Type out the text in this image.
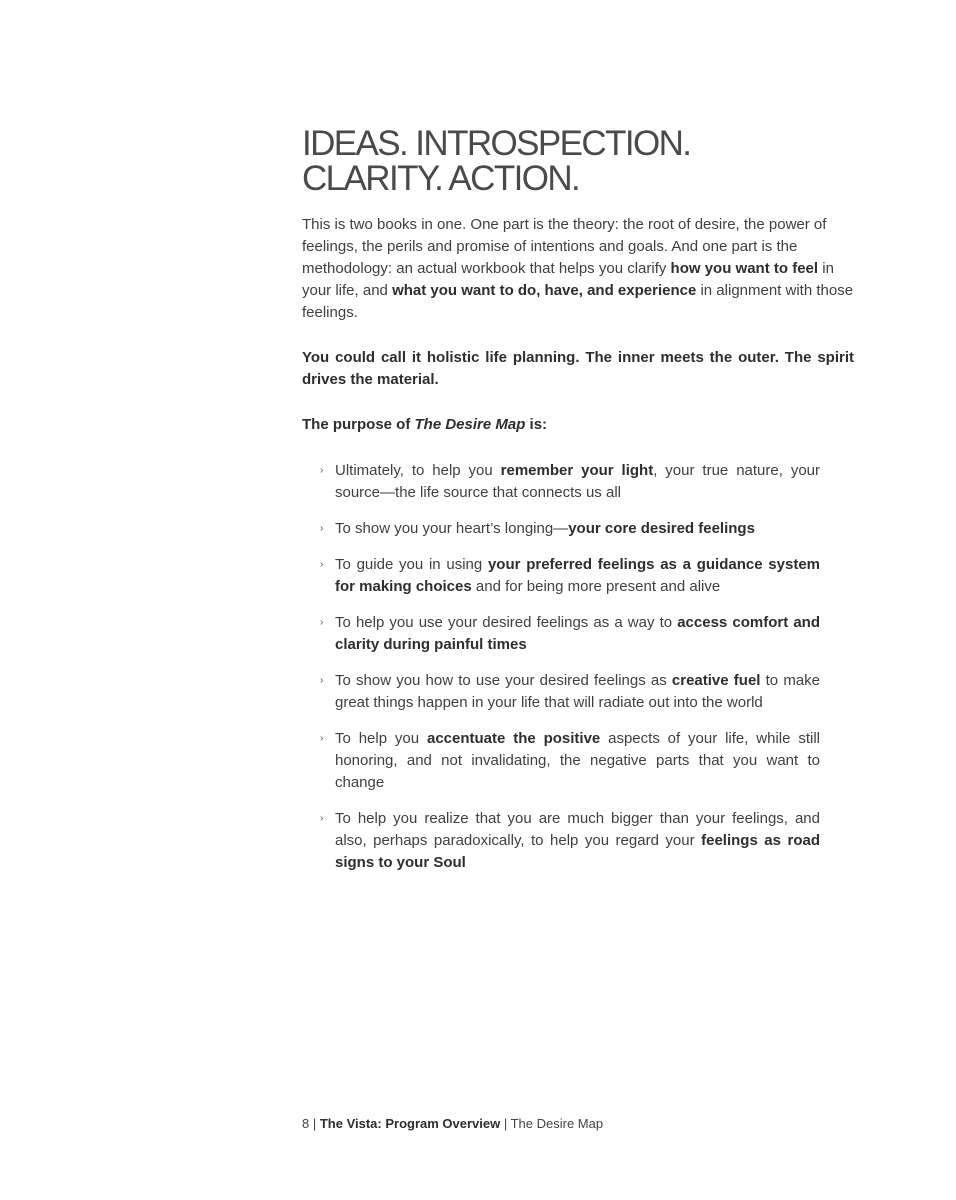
IDEAS. INTROSPECTION.
CLARITY. ACTION.

This is two books in one. One part is the theory: the root of desire, the power of feelings, the perils and promise of intentions and goals. And one part is the methodology: an actual workbook that helps you clarify how you want to feel in your life, and what you want to do, have, and experience in alignment with those feelings.

You could call it holistic life planning. The inner meets the outer. The spirit drives the material.

The purpose of The Desire Map is:

› Ultimately, to help you remember your light, your true nature, your source—the life source that connects us all
› To show you your heart’s longing—your core desired feelings
› To guide you in using your preferred feelings as a guidance system for making choices and for being more present and alive
› To help you use your desired feelings as a way to access comfort and clarity during painful times
› To show you how to use your desired feelings as creative fuel to make great things happen in your life that will radiate out into the world
› To help you accentuate the positive aspects of your life, while still honoring, and not invalidating, the negative parts that you want to change
› To help you realize that you are much bigger than your feelings, and also, perhaps paradoxically, to help you regard your feelings as road signs to your Soul
8 | The Vista: Program Overview | The Desire Map
